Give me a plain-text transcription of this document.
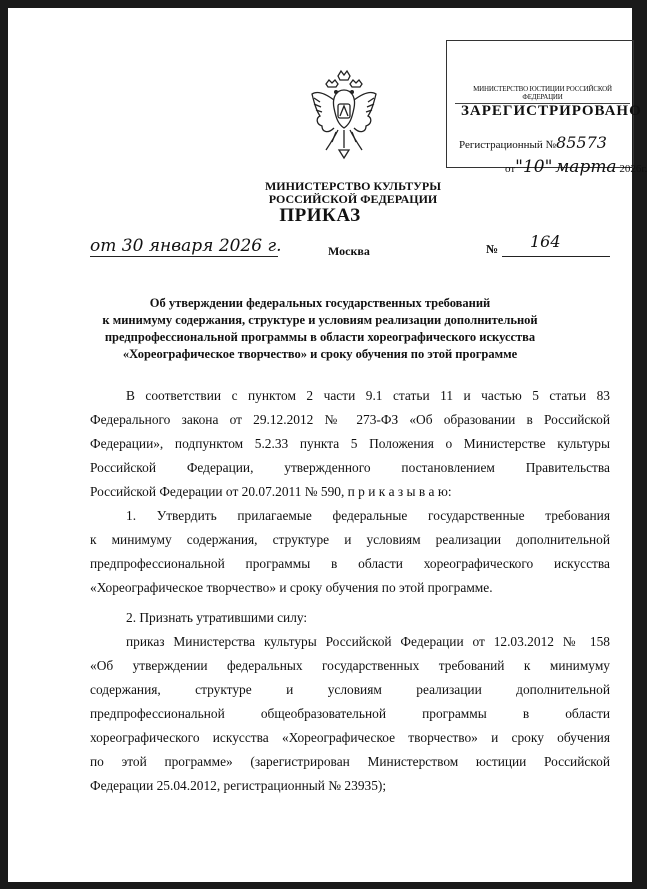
МИНИСТЕРСТВО КУЛЬТУРЫ
РОССИЙСКОЙ ФЕДЕРАЦИИ
МИНИСТЕРСТВО ЮСТИЦИИ РОССИЙСКОЙ ФЕДЕРАЦИИ
ЗАРЕГИСТРИРОВАНО
Регистрационный №85573
от"10" марта 2026г.
ПРИКАЗ
от 30 января 2026 г.	Москва	№ 164
Об утверждении федеральных государственных требований
к минимуму содержания, структуре и условиям реализации дополнительной
предпрофессиональной программы в области хореографического искусства
«Хореографическое творчество» и сроку обучения по этой программе
В соответствии с пунктом 2 части 9.1 статьи 11 и частью 5 статьи 83
Федерального закона от 29.12.2012 № 273-ФЗ «Об образовании в Российской
Федерации», подпунктом 5.2.33 пункта 5 Положения о Министерстве культуры
Российской Федерации, утвержденного постановлением Правительства
Российской Федерации от 20.07.2011 № 590, п р и к а з ы в а ю:
1. Утвердить прилагаемые федеральные государственные требования
к минимуму содержания, структуре и условиям реализации дополнительной
предпрофессиональной программы в области хореографического искусства
«Хореографическое творчество» и сроку обучения по этой программе.
2. Признать утратившими силу:
приказ Министерства культуры Российской Федерации от 12.03.2012 № 158
«Об утверждении федеральных государственных требований к минимуму
содержания, структуре и условиям реализации дополнительной
предпрофессиональной общеобразовательной программы в области
хореографического искусства «Хореографическое творчество» и сроку обучения
по этой программе» (зарегистрирован Министерством юстиции Российской
Федерации 25.04.2012, регистрационный № 23935);
